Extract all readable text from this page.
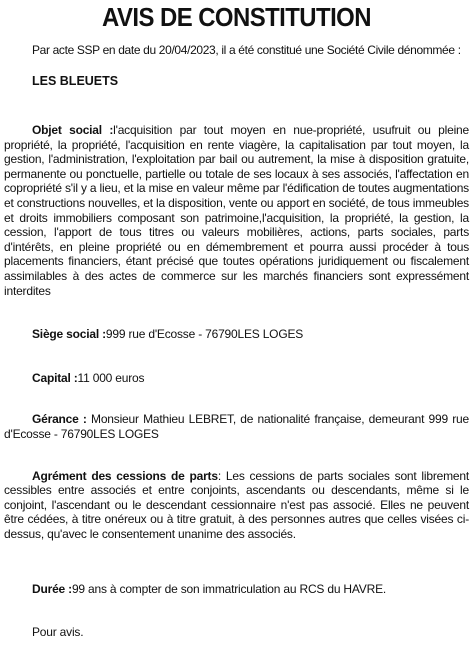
AVIS DE CONSTITUTION
Par acte SSP en date du 20/04/2023, il a été constitué une Société Civile dénommée :
LES BLEUETS

Objet social :l'acquisition par tout moyen en nue-propriété, usufruit ou pleine propriété, la propriété, l'acquisition en rente viagère, la capitalisation par tout moyen, la gestion, l'administration, l'exploitation par bail ou autrement, la mise à disposition gratuite, permanente ou ponctuelle, partielle ou totale de ses locaux à ses associés, l'affectation en copropriété s'il y a lieu, et la mise en valeur même par l'édification de toutes augmentations et constructions nouvelles, et la disposition, vente ou apport en société, de tous immeubles et droits immobiliers composant son patrimoine,l'acquisition, la propriété, la gestion, la cession, l'apport de tous titres ou valeurs mobilières, actions, parts sociales, parts d'intérêts, en pleine propriété ou en démembrement et pourra aussi procéder à tous placements financiers, étant précisé que toutes opérations juridiquement ou fiscalement assimilables à des actes de commerce sur les marchés financiers sont expressément interdites

Siège social :999 rue d'Ecosse - 76790LES LOGES

Capital :11 000 euros

Gérance : Monsieur Mathieu LEBRET, de nationalité française, demeurant 999 rue d'Ecosse - 76790LES LOGES

Agrément des cessions de parts: Les cessions de parts sociales sont librement cessibles entre associés et entre conjoints, ascendants ou descendants, même si le conjoint, l'ascendant ou le descendant cessionnaire n'est pas associé. Elles ne peuvent être cédées, à titre onéreux ou à titre gratuit, à des personnes autres que celles visées ci-dessus, qu'avec le consentement unanime des associés.

Durée :99 ans à compter de son immatriculation au RCS du HAVRE.

Pour avis.
